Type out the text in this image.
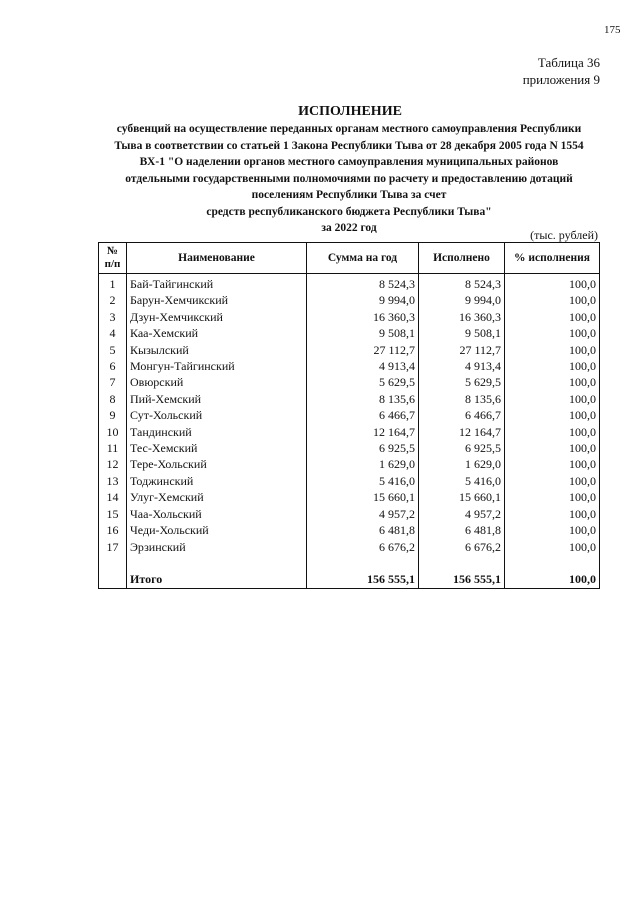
175
Таблица 36
приложения 9
ИСПОЛНЕНИЕ
субвенций на осуществление переданных органам местного самоуправления Республики
Тыва в соответствии со статьей 1 Закона Республики Тыва от 28 декабря 2005 года N 1554
ВХ-1 "О наделении органов местного самоуправления муниципальных районов
отдельными государственными полномочиями по расчету и предоставлению дотаций
поселениям Республики Тыва за счет
средств республиканского бюджета Республики Тыва"
за 2022 год	(тыс. рублей)
№
п/п	Наименование	Сумма на год	Исполнено	% исполнения
1	Бай-Тайгинский	8 524,3	8 524,3	100,0
2	Барун-Хемчикский	9 994,0	9 994,0	100,0
3	Дзун-Хемчикский	16 360,3	16 360,3	100,0
4	Каа-Хемский	9 508,1	9 508,1	100,0
5	Кызылский	27 112,7	27 112,7	100,0
6	Монгун-Тайгинский	4 913,4	4 913,4	100,0
7	Овюрский	5 629,5	5 629,5	100,0
8	Пий-Хемский	8 135,6	8 135,6	100,0
9	Сут-Хольский	6 466,7	6 466,7	100,0
10	Тандинский	12 164,7	12 164,7	100,0
11	Тес-Хемский	6 925,5	6 925,5	100,0
12	Тере-Хольский	1 629,0	1 629,0	100,0
13	Тоджинский	5 416,0	5 416,0	100,0
14	Улуг-Хемский	15 660,1	15 660,1	100,0
15	Чаа-Хольский	4 957,2	4 957,2	100,0
16	Чеди-Хольский	6 481,8	6 481,8	100,0
17	Эрзинский	6 676,2	6 676,2	100,0

	Итого	156 555,1	156 555,1	100,0
